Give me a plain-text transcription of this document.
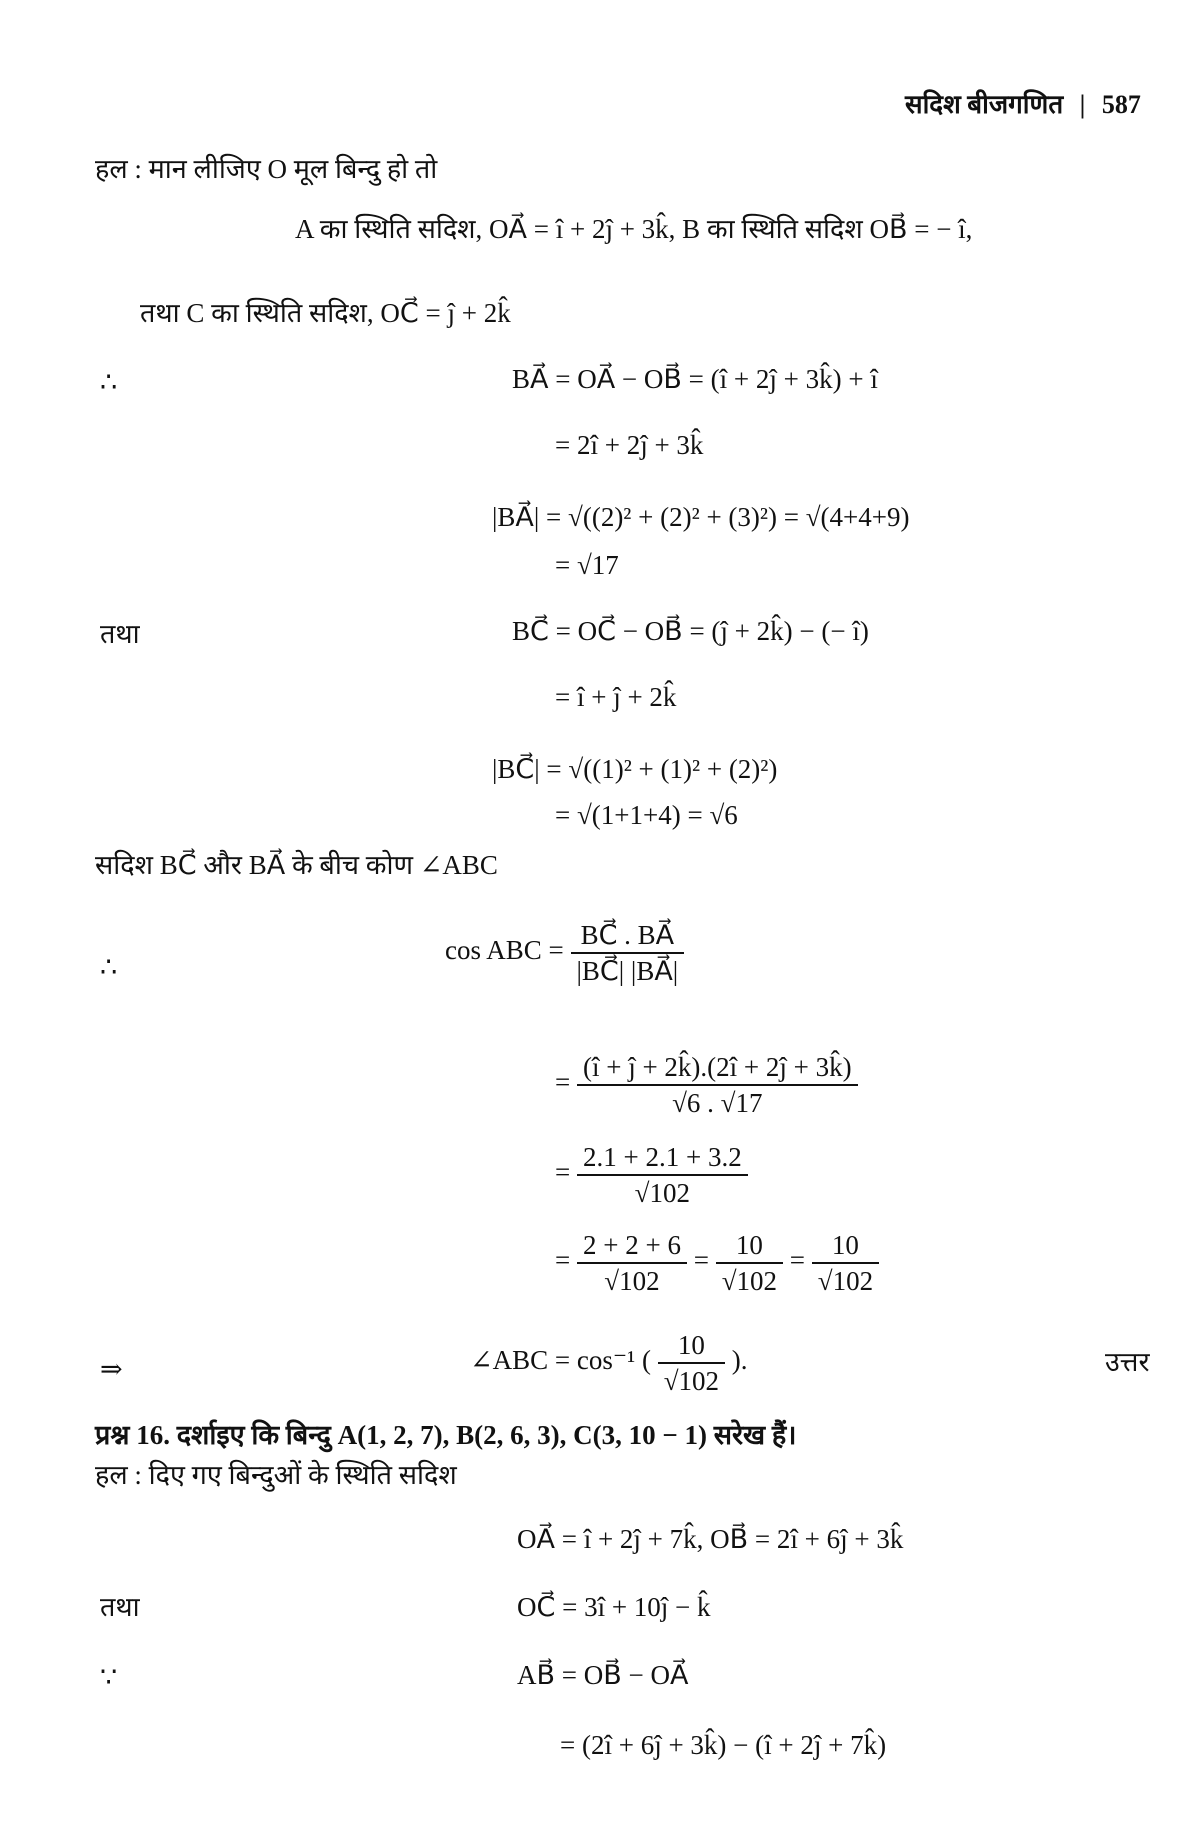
सदिश बीजगणित | 587
हल : मान लीजिए O मूल बिन्दु हो तो
A का स्थिति सदिश, OA⃗ = î + 2ĵ + 3k̂, B का स्थिति सदिश OB⃗ = − î,
तथा C का स्थिति सदिश, OC⃗ = ĵ + 2k̂
∴	BA⃗ = OA⃗ − OB⃗ = (î + 2ĵ + 3k̂) + î
= 2î + 2ĵ + 3k̂
|BA⃗| = √((2)² + (2)² + (3)²) = √(4+4+9)
= √17
तथा	BC⃗ = OC⃗ − OB⃗ = (ĵ + 2k̂) − (− î)
= î + ĵ + 2k̂
|BC⃗| = √((1)² + (1)² + (2)²)
= √(1+1+4) = √6
सदिश BC⃗ और BA⃗ के बीच कोण ∠ABC
∴
cos ABC = $\frac{BC⃗ . BA⃗}{|BC⃗| |BA⃗|}$
= $\frac{(î + ĵ + 2k̂).(2î + 2ĵ + 3k̂)}{√6 . √17}$
= $\frac{2.1 + 2.1 + 3.2}{√102}$
= $\frac{2 + 2 + 6}{√102} = \frac{10}{√102} = \frac{10}{√102}$
⇒	∠ABC = cos⁻¹ ( $\frac{10}{√102}$ ).	उत्तर
प्रश्न 16. दर्शाइए कि बिन्दु A(1, 2, 7), B(2, 6, 3), C(3, 10 − 1) सरेख हैं।
हल : दिए गए बिन्दुओं के स्थिति सदिश
OA⃗ = î + 2ĵ + 7k̂, OB⃗ = 2î + 6ĵ + 3k̂
तथा	OC⃗ = 3î + 10ĵ − k̂
∵	AB⃗ = OB⃗ − OA⃗
= (2î + 6ĵ + 3k̂) − (î + 2ĵ + 7k̂)
